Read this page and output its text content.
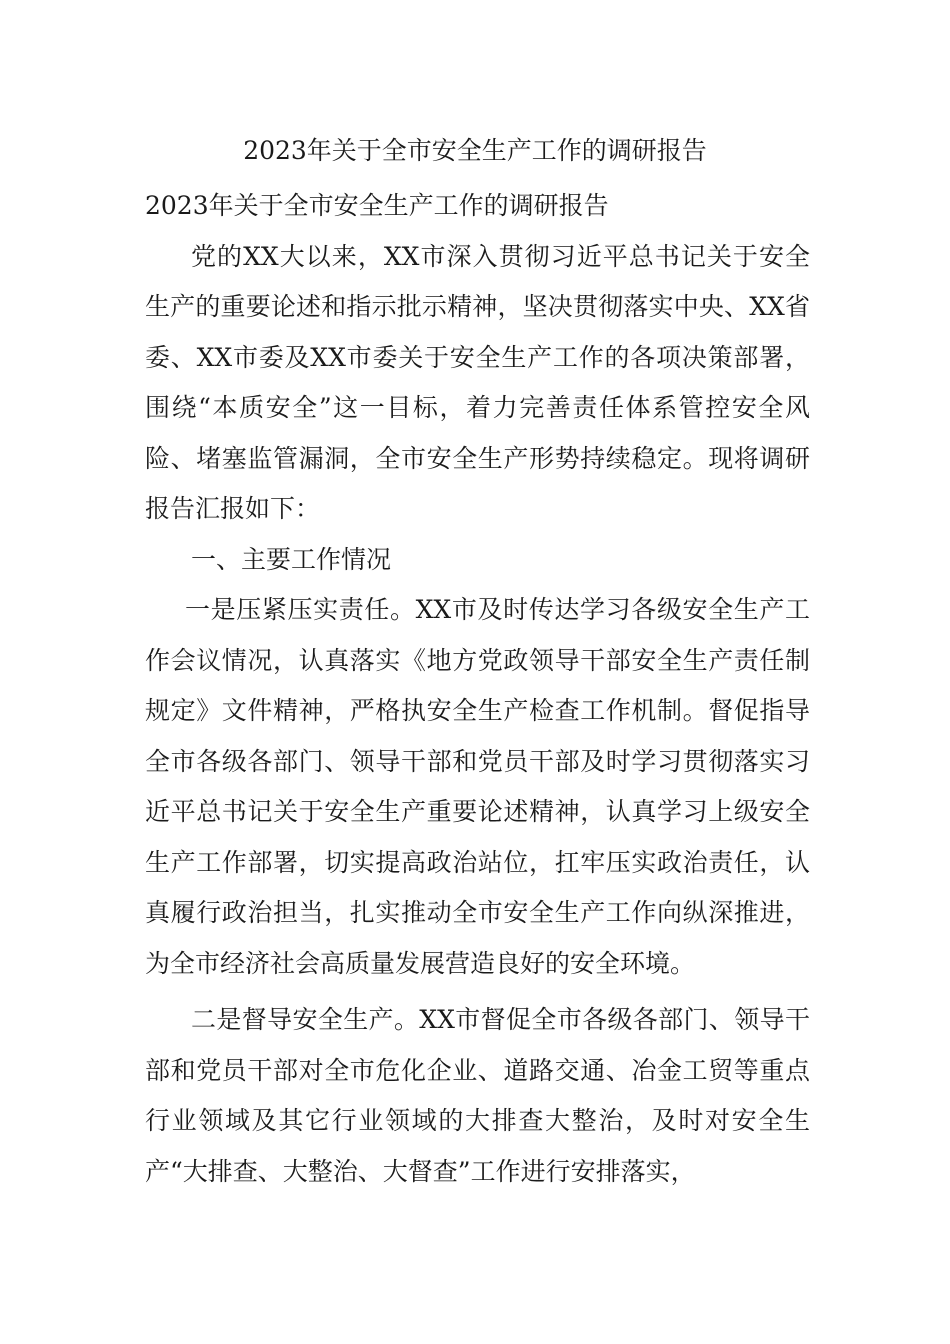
2023年关于全市安全生产工作的调研报告

2023年关于全市安全生产工作的调研报告

党的XX大以来，XX市深入贯彻习近平总书记关于安全生产的重要论述和指示批示精神，坚决贯彻落实中央、XX省委、XX市委及XX市委关于安全生产工作的各项决策部署，围绕“本质安全”这一目标，着力完善责任体系管控安全风险、堵塞监管漏洞，全市安全生产形势持续稳定。现将调研报告汇报如下：

一、主要工作情况

一是压紧压实责任。XX市及时传达学习各级安全生产工作会议情况，认真落实《地方党政领导干部安全生产责任制规定》文件精神，严格执安全生产检查工作机制。督促指导全市各级各部门、领导干部和党员干部及时学习贯彻落实习近平总书记关于安全生产重要论述精神，认真学习上级安全生产工作部署，切实提高政治站位，扛牢压实政治责任，认真履行政治担当，扎实推动全市安全生产工作向纵深推进，为全市经济社会高质量发展营造良好的安全环境。

二是督导安全生产。XX市督促全市各级各部门、领导干部和党员干部对全市危化企业、道路交通、冶金工贸等重点行业领域及其它行业领域的大排查大整治，及时对安全生产“大排查、大整治、大督查”工作进行安排落实，
